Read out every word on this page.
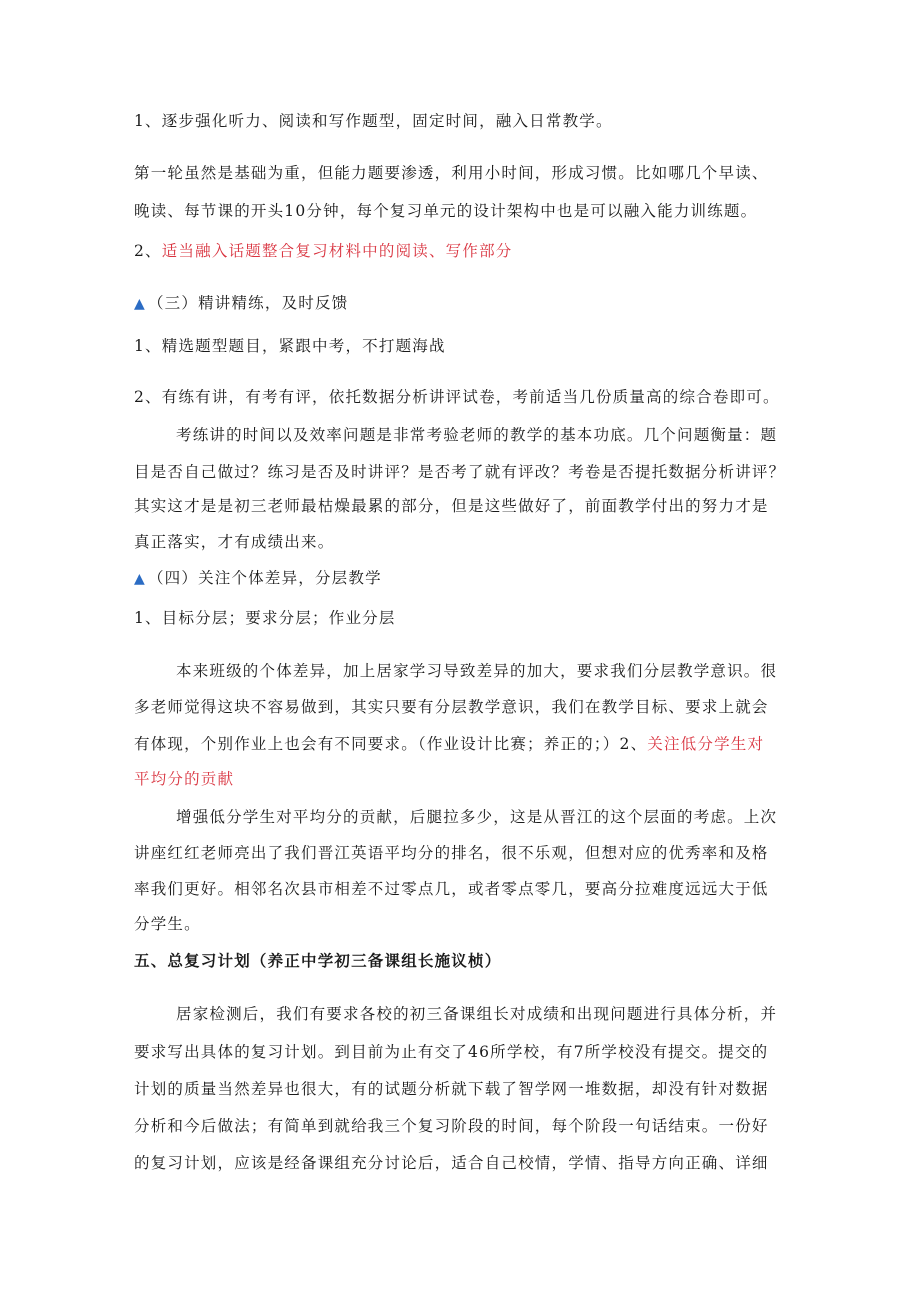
1、逐步强化听力、阅读和写作题型，固定时间，融入日常教学。
第一轮虽然是基础为重，但能力题要渗透，利用小时间，形成习惯。比如哪几个早读、
晚读、每节课的开头10分钟，每个复习单元的设计架构中也是可以融入能力训练题。
2、适当融入话题整合复习材料中的阅读、写作部分
▲ （三）精讲精练，及时反馈
1、精选题型题目，紧跟中考，不打题海战
2、有练有讲，有考有评，依托数据分析讲评试卷，考前适当几份质量高的综合卷即可。
考练讲的时间以及效率问题是非常考验老师的教学的基本功底。几个问题衡量：题
目是否自己做过？练习是否及时讲评？是否考了就有评改？考卷是否提托数据分析讲评？
其实这才是是初三老师最枯燥最累的部分，但是这些做好了，前面教学付出的努力才是
真正落实，才有成绩出来。
▲ （四）关注个体差异，分层教学
1、目标分层；要求分层；作业分层
本来班级的个体差异，加上居家学习导致差异的加大，要求我们分层教学意识。很
多老师觉得这块不容易做到，其实只要有分层教学意识，我们在教学目标、要求上就会
有体现，个别作业上也会有不同要求。（作业设计比赛；养正的；）2、关注低分学生对
平均分的贡献
增强低分学生对平均分的贡献，后腿拉多少，这是从晋江的这个层面的考虑。上次
讲座红红老师亮出了我们晋江英语平均分的排名，很不乐观，但想对应的优秀率和及格
率我们更好。相邻名次县市相差不过零点几，或者零点零几，要高分拉难度远远大于低
分学生。
五、总复习计划（养正中学初三备课组长施议桢）
居家检测后，我们有要求各校的初三备课组长对成绩和出现问题进行具体分析，并
要求写出具体的复习计划。到目前为止有交了46所学校，有7所学校没有提交。提交的
计划的质量当然差异也很大，有的试题分析就下载了智学网一堆数据，却没有针对数据
分析和今后做法；有简单到就给我三个复习阶段的时间，每个阶段一句话结束。一份好
的复习计划，应该是经备课组充分讨论后，适合自己校情，学情、指导方向正确、详细
